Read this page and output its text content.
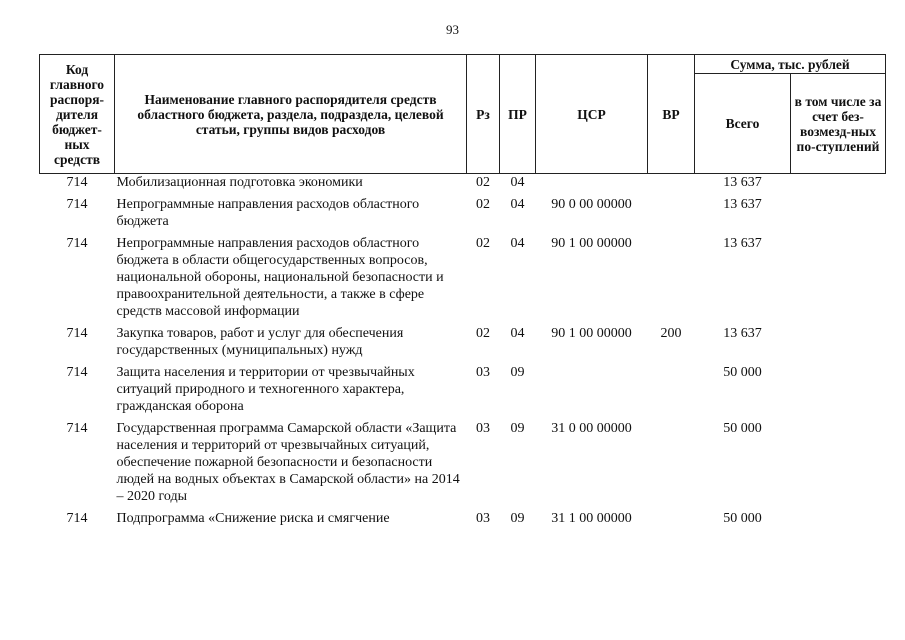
93
Код главного распоря-дителя бюджет-ных средств	Наименование главного распорядителя средств областного бюджета, раздела, подраздела, целевой статьи, группы видов расходов	Рз	ПР	ЦСР	ВР	Сумма, тыс. рублей	
						Всего	в том числе за счет без-возмезд-ных по-ступлений
714	Мобилизационная подготовка экономики	02	04			13 637	
714	Непрограммные направления расходов областного бюджета	02	04	90 0 00 00000		13 637	
714	Непрограммные направления расходов областного бюджета в области общегосударственных вопросов, национальной обороны, национальной безопасности и правоохранительной деятельности, а также в сфере средств массовой информации	02	04	90 1 00 00000		13 637	
714	Закупка товаров, работ и услуг для обеспечения государственных (муниципальных) нужд	02	04	90 1 00 00000	200	13 637	
714	Защита населения и территории от чрезвычайных ситуаций природного и техногенного характера, гражданская оборона	03	09			50 000	
714	Государственная программа Самарской области «Защита населения и территорий от чрезвычайных ситуаций, обеспечение пожарной безопасности и безопасности людей на водных объектах в Самарской области» на 2014 – 2020 годы	03	09	31 0 00 00000		50 000	
714	Подпрограмма «Снижение риска и смягчение	03	09	31 1 00 00000		50 000	
